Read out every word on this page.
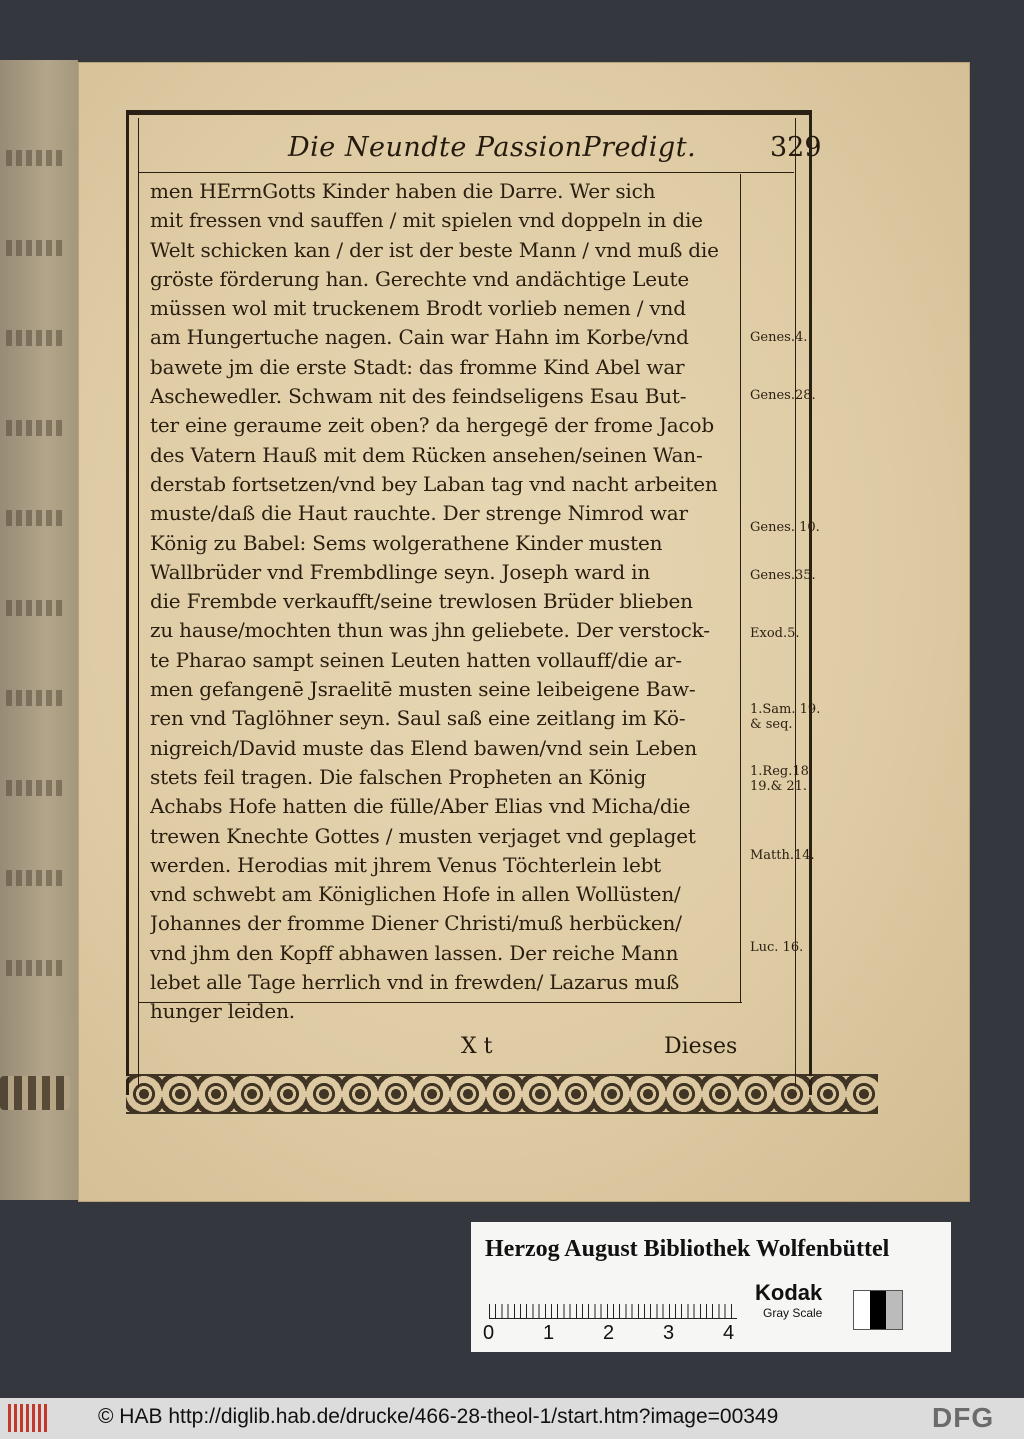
Die Neundte PassionPredigt.	329
men HErrnGotts Kinder haben die Darre. Wer sich
mit fressen vnd sauffen / mit spielen vnd doppeln in die
Welt schicken kan / der ist der beste Mann / vnd muß die
gröste förderung han. Gerechte vnd andächtige Leute
müssen wol mit truckenem Brodt vorlieb nemen / vnd
am Hungertuche nagen. Cain war Hahn im Korbe/vnd
bawete jm die erste Stadt: das fromme Kind Abel war
Aschewedler. Schwam nit des feindseligens Esau But-
ter eine geraume zeit oben? da hergegē der frome Jacob
des Vatern Hauß mit dem Rücken ansehen/seinen Wan-
derstab fortsetzen/vnd bey Laban tag vnd nacht arbeiten
muste/daß die Haut rauchte. Der strenge Nimrod war
König zu Babel: Sems wolgerathene Kinder musten
Wallbrüder vnd Frembdlinge seyn. Joseph ward in
die Frembde verkaufft/seine trewlosen Brüder blieben
zu hause/mochten thun was jhn geliebete. Der verstock-
te Pharao sampt seinen Leuten hatten vollauff/die ar-
men gefangenē Jsraelitē musten seine leibeigene Baw-
ren vnd Taglöhner seyn. Saul saß eine zeitlang im Kö-
nigreich/David muste das Elend bawen/vnd sein Leben
stets feil tragen. Die falschen Propheten an König
Achabs Hofe hatten die fülle/Aber Elias vnd Micha/die
trewen Knechte Gottes / musten verjaget vnd geplaget
werden. Herodias mit jhrem Venus Töchterlein lebt
vnd schwebt am Königlichen Hofe in allen Wollüsten/
Johannes der fromme Diener Christi/muß herbücken/
vnd jhm den Kopff abhawen lassen. Der reiche Mann
lebet alle Tage herrlich vnd in frewden/ Lazarus muß
hunger leiden.
Genes.4.
Genes.28.
Genes. 10.
Genes.35.
Exod.5.
1.Sam. 19. & seq.
1.Reg.18. 19.& 21.
Matth.14.
Luc. 16.
X t	Dieses
Herzog August Bibliothek Wolfenbüttel
0 1 2 3 4
Kodak
Gray Scale
© HAB http://diglib.hab.de/drucke/466-28-theol-1/start.htm?image=00349	DFG
